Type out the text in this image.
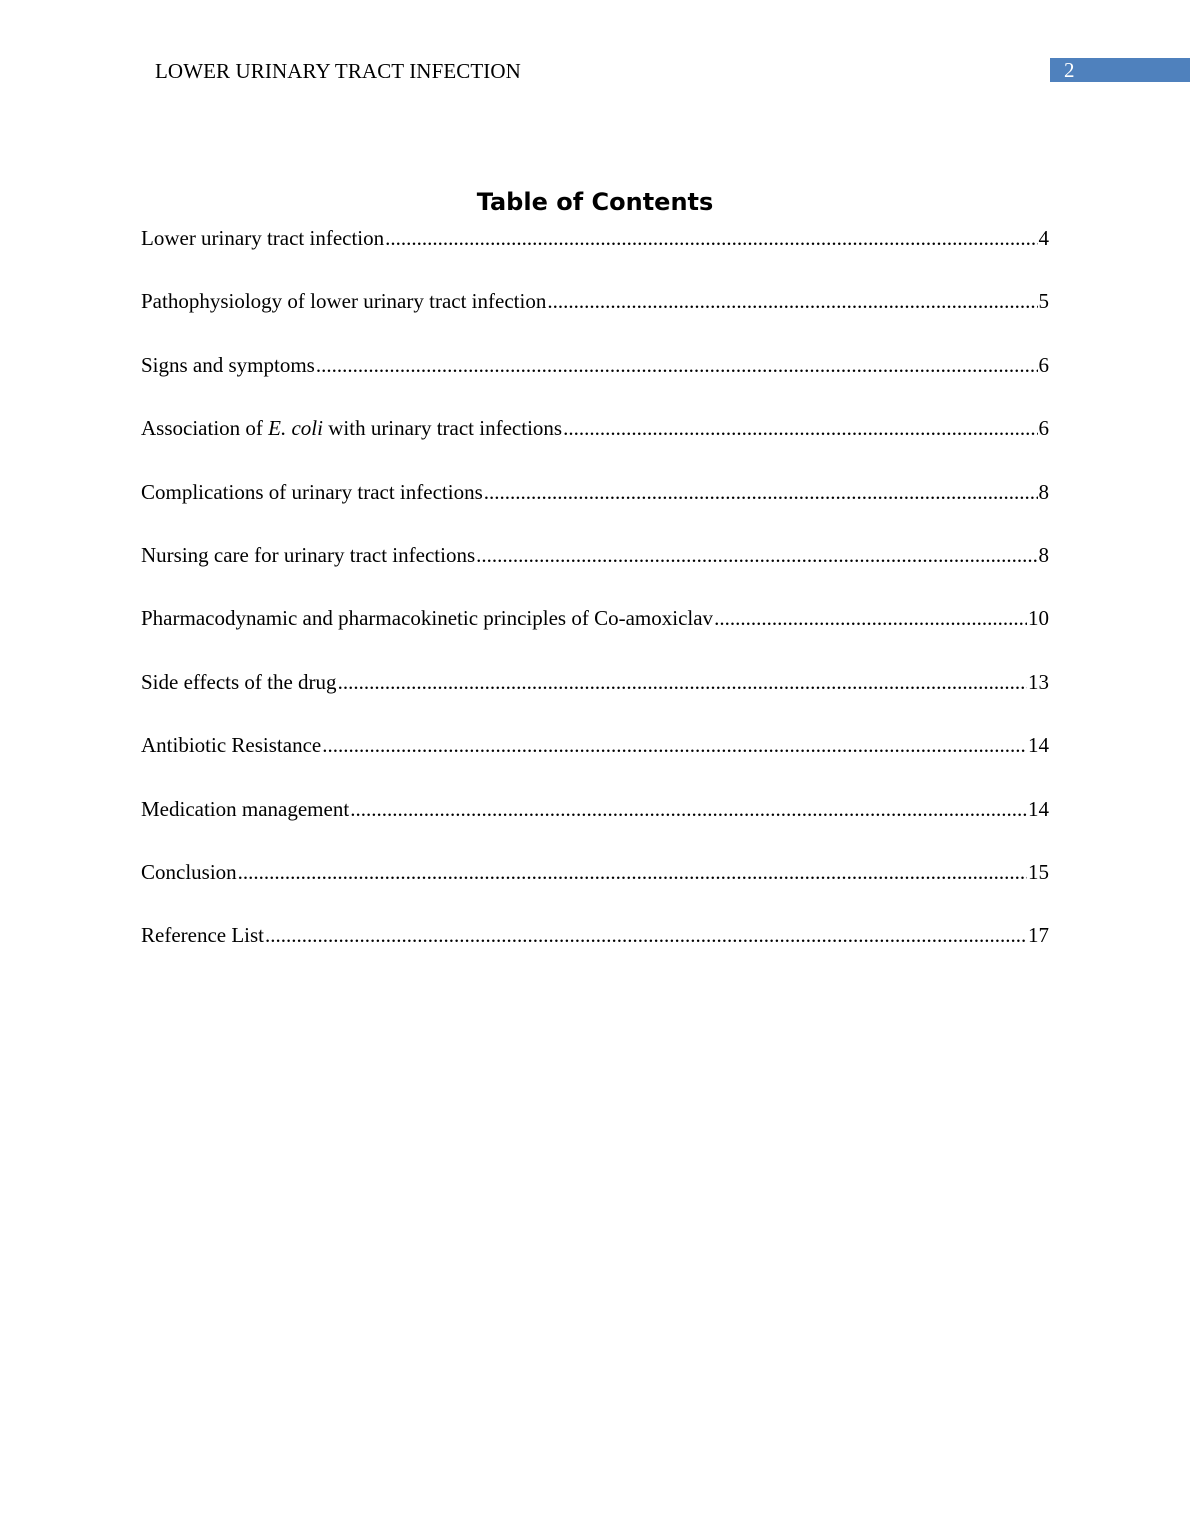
LOWER URINARY TRACT INFECTION	2
Table of Contents
Lower urinary tract infection .....	4
Pathophysiology of lower urinary tract infection .....	5
Signs and symptoms .....	6
Association of E. coli with urinary tract infections .....	6
Complications of urinary tract infections .....	8
Nursing care for urinary tract infections .....	8
Pharmacodynamic and pharmacokinetic principles of Co-amoxiclav .....	10
Side effects of the drug .....	13
Antibiotic Resistance .....	14
Medication management .....	14
Conclusion .....	15
Reference List .....	17
